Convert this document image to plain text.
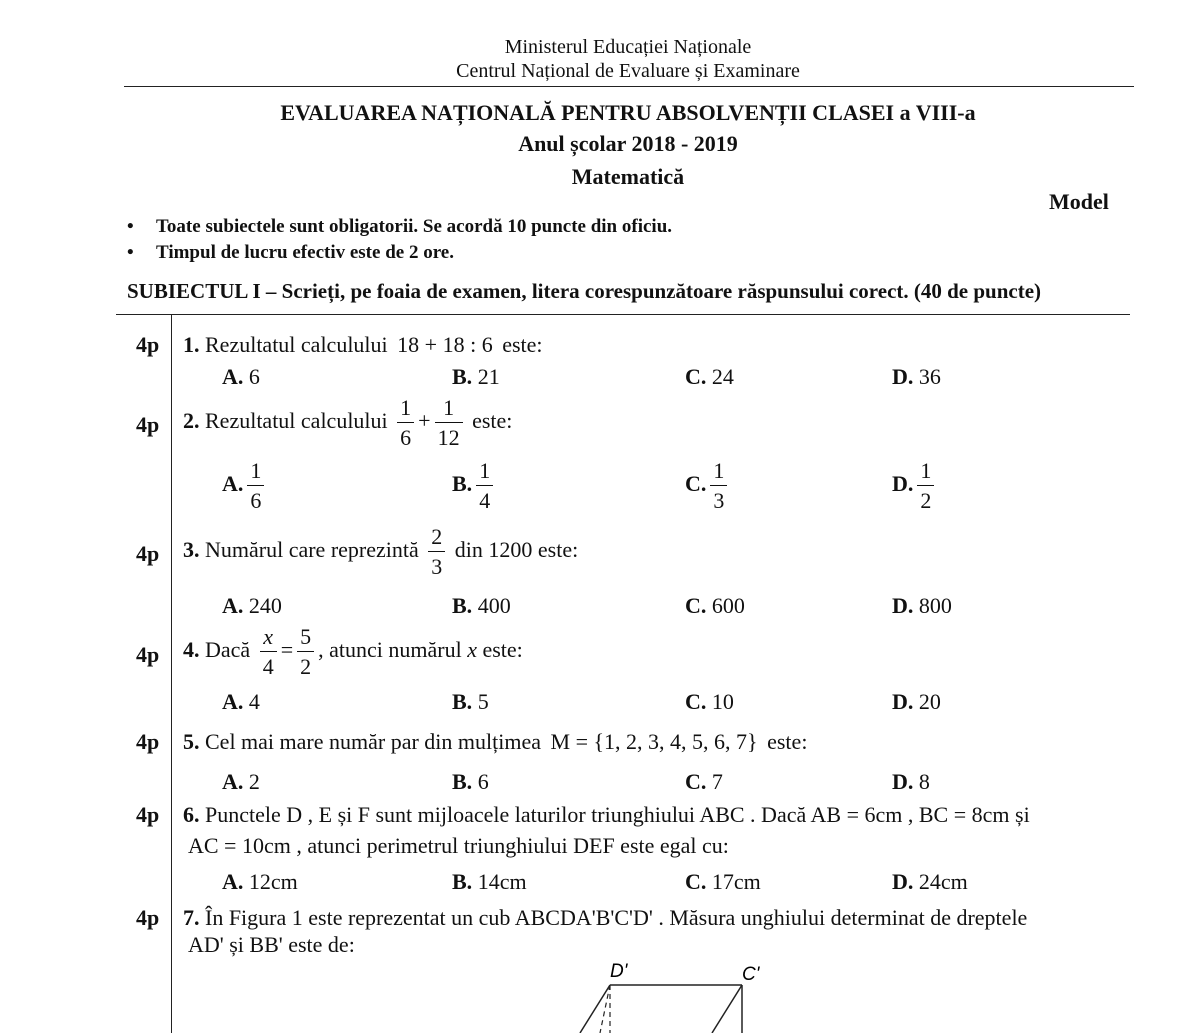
Ministerul Educației Naționale
Centrul Național de Evaluare și Examinare
EVALUAREA NAȚIONALĂ PENTRU ABSOLVENȚII CLASEI a VIII-a
Anul școlar 2018 - 2019
Matematică
Model
• Toate subiectele sunt obligatorii. Se acordă 10 puncte din oficiu.
• Timpul de lucru efectiv este de 2 ore.
SUBIECTUL I – Scrieți, pe foaia de examen, litera corespunzătoare răspunsului corect. (40 de puncte)
4p 1. Rezultatul calculului 18 + 18 : 6 este:
A. 6	B. 21	C. 24	D. 36
4p 2. Rezultatul calculului $\frac{1}{6} + \frac{1}{12}$ este:
A. $\frac{1}{6}$	B. $\frac{1}{4}$	C. $\frac{1}{3}$	D. $\frac{1}{2}$
4p 3. Numărul care reprezintă $\frac{2}{3}$ din 1200 este:
A. 240	B. 400	C. 600	D. 800
4p 4. Dacă $\frac{x}{4} = \frac{5}{2}$ , atunci numărul x este:
A. 4	B. 5	C. 10	D. 20
4p 5. Cel mai mare număr par din mulțimea M = {1, 2, 3, 4, 5, 6, 7} este:
A. 2	B. 6	C. 7	D. 8
4p 6. Punctele D , E și F sunt mijloacele laturilor triunghiului ABC . Dacă AB = 6cm , BC = 8cm și
AC = 10cm , atunci perimetrul triunghiului DEF este egal cu:
A. 12cm	B. 14cm	C. 17cm	D. 24cm
4p 7. În Figura 1 este reprezentat un cub ABCDA'B'C'D' . Măsura unghiului determinat de dreptele
AD' și BB' este de:
D'	C'
